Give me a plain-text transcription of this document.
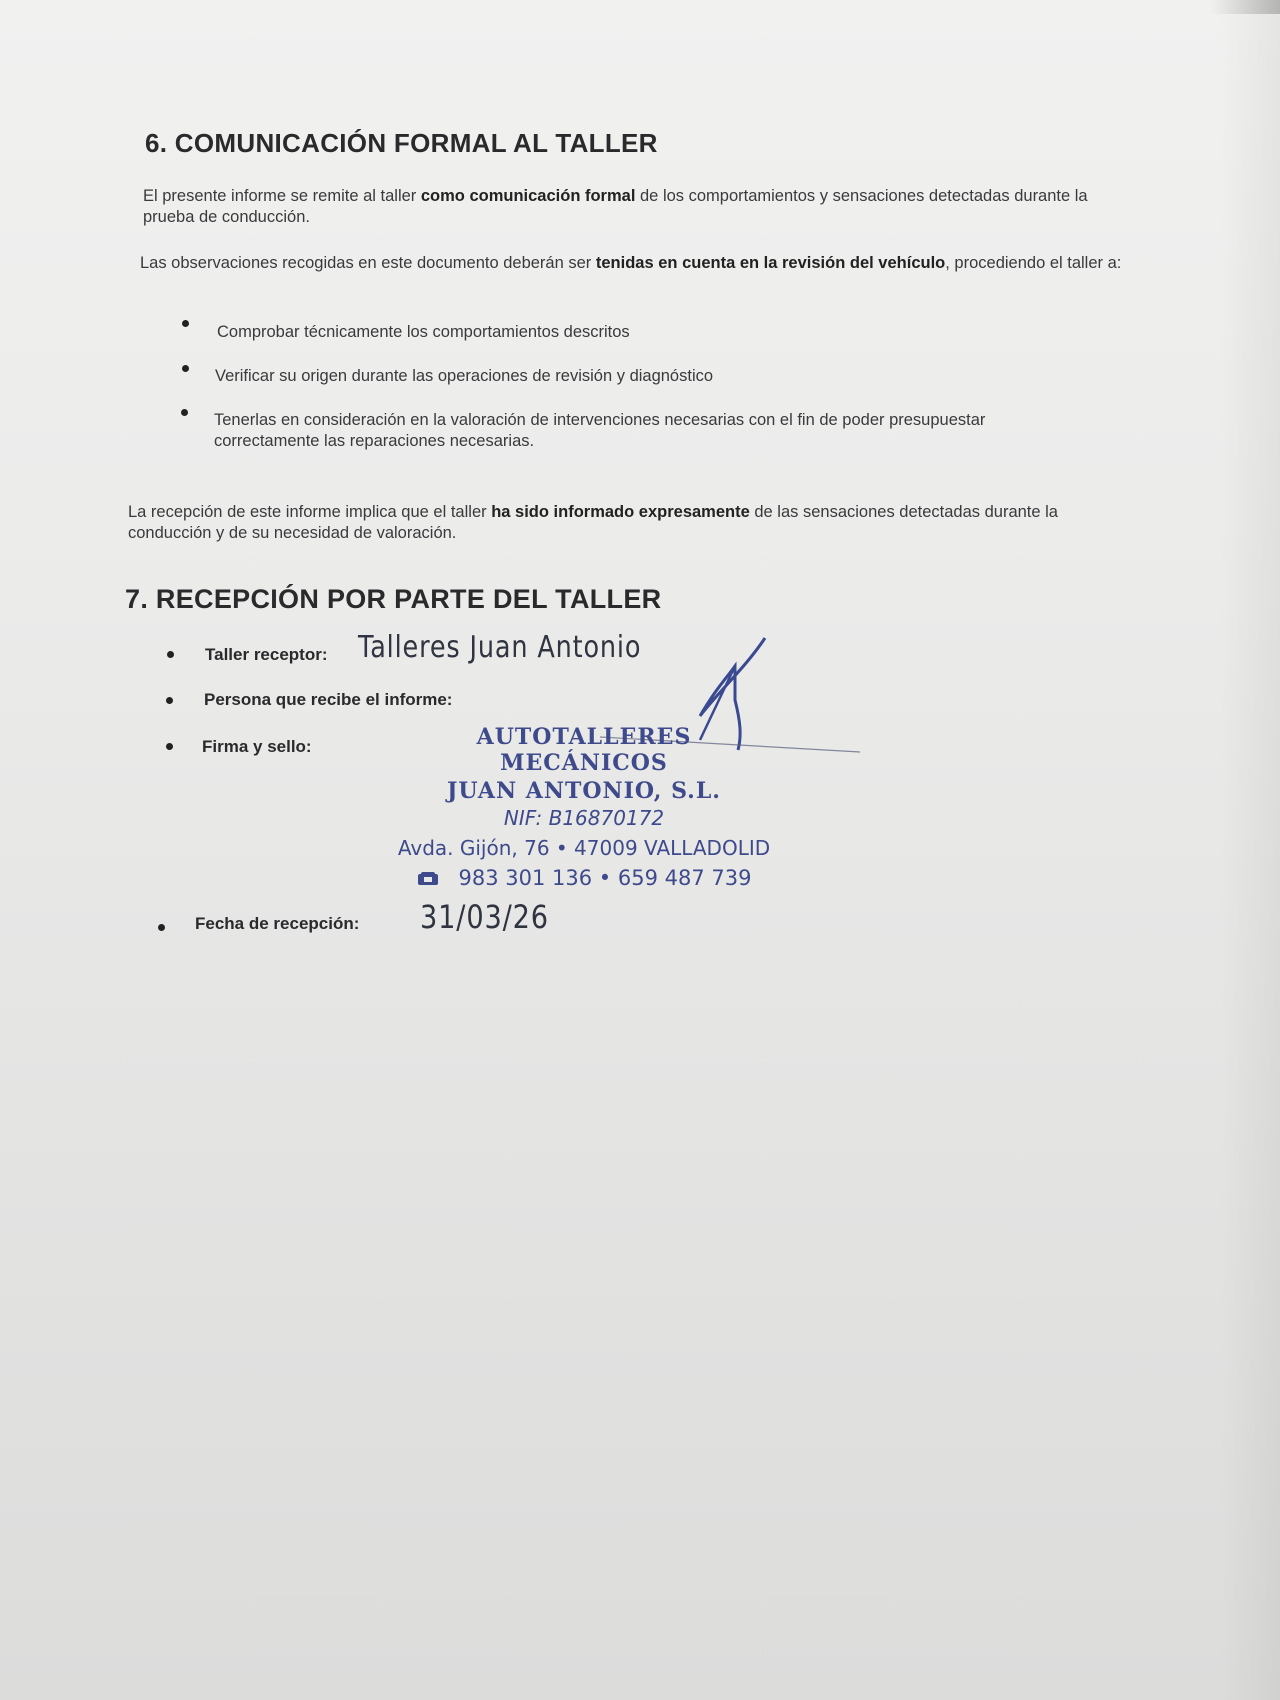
6. COMUNICACIÓN FORMAL AL TALLER

El presente informe se remite al taller como comunicación formal de los comportamientos y sensaciones detectadas durante la prueba de conducción.

Las observaciones recogidas en este documento deberán ser tenidas en cuenta en la revisión del vehículo, procediendo el taller a:

Comprobar técnicamente los comportamientos descritos
Verificar su origen durante las operaciones de revisión y diagnóstico
Tenerlas en consideración en la valoración de intervenciones necesarias con el fin de poder presupuestar correctamente las reparaciones necesarias.

La recepción de este informe implica que el taller ha sido informado expresamente de las sensaciones detectadas durante la conducción y de su necesidad de valoración.

7. RECEPCIÓN POR PARTE DEL TALLER
Taller receptor: Talleres Juan Antonio
Persona que recibe el informe:
Firma y sello:	AUTOTALLERES MECÁNICOS
JUAN ANTONIO, S.L.
NIF: B16870172
Avda. Gijón, 76 • 47009 VALLADOLID
983 301 136 • 659 487 739
Fecha de recepción: 31/03/26
